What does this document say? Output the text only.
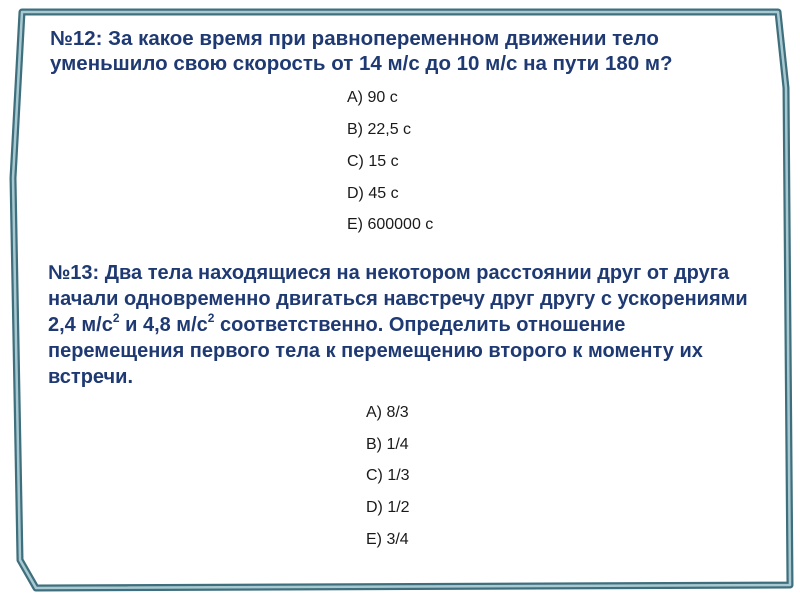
№12: За какое время при равнопеременном движении тело уменьшило свою скорость от 14 м/с до 10 м/с на пути 180 м?
A) 90 с
B) 22,5 с
C) 15 с
D) 45 с
E) 600000 с
№13: Два тела находящиеся на некотором расстоянии друг от друга начали одновременно двигаться навстречу друг другу с ускорениями 2,4 $м/с^2$ и 4,8 $м/с^2$ соответственно. Определить отношение перемещения первого тела к перемещению второго к моменту их встречи.
A) 8/3
B) 1/4
C) 1/3
D) 1/2
E) 3/4
